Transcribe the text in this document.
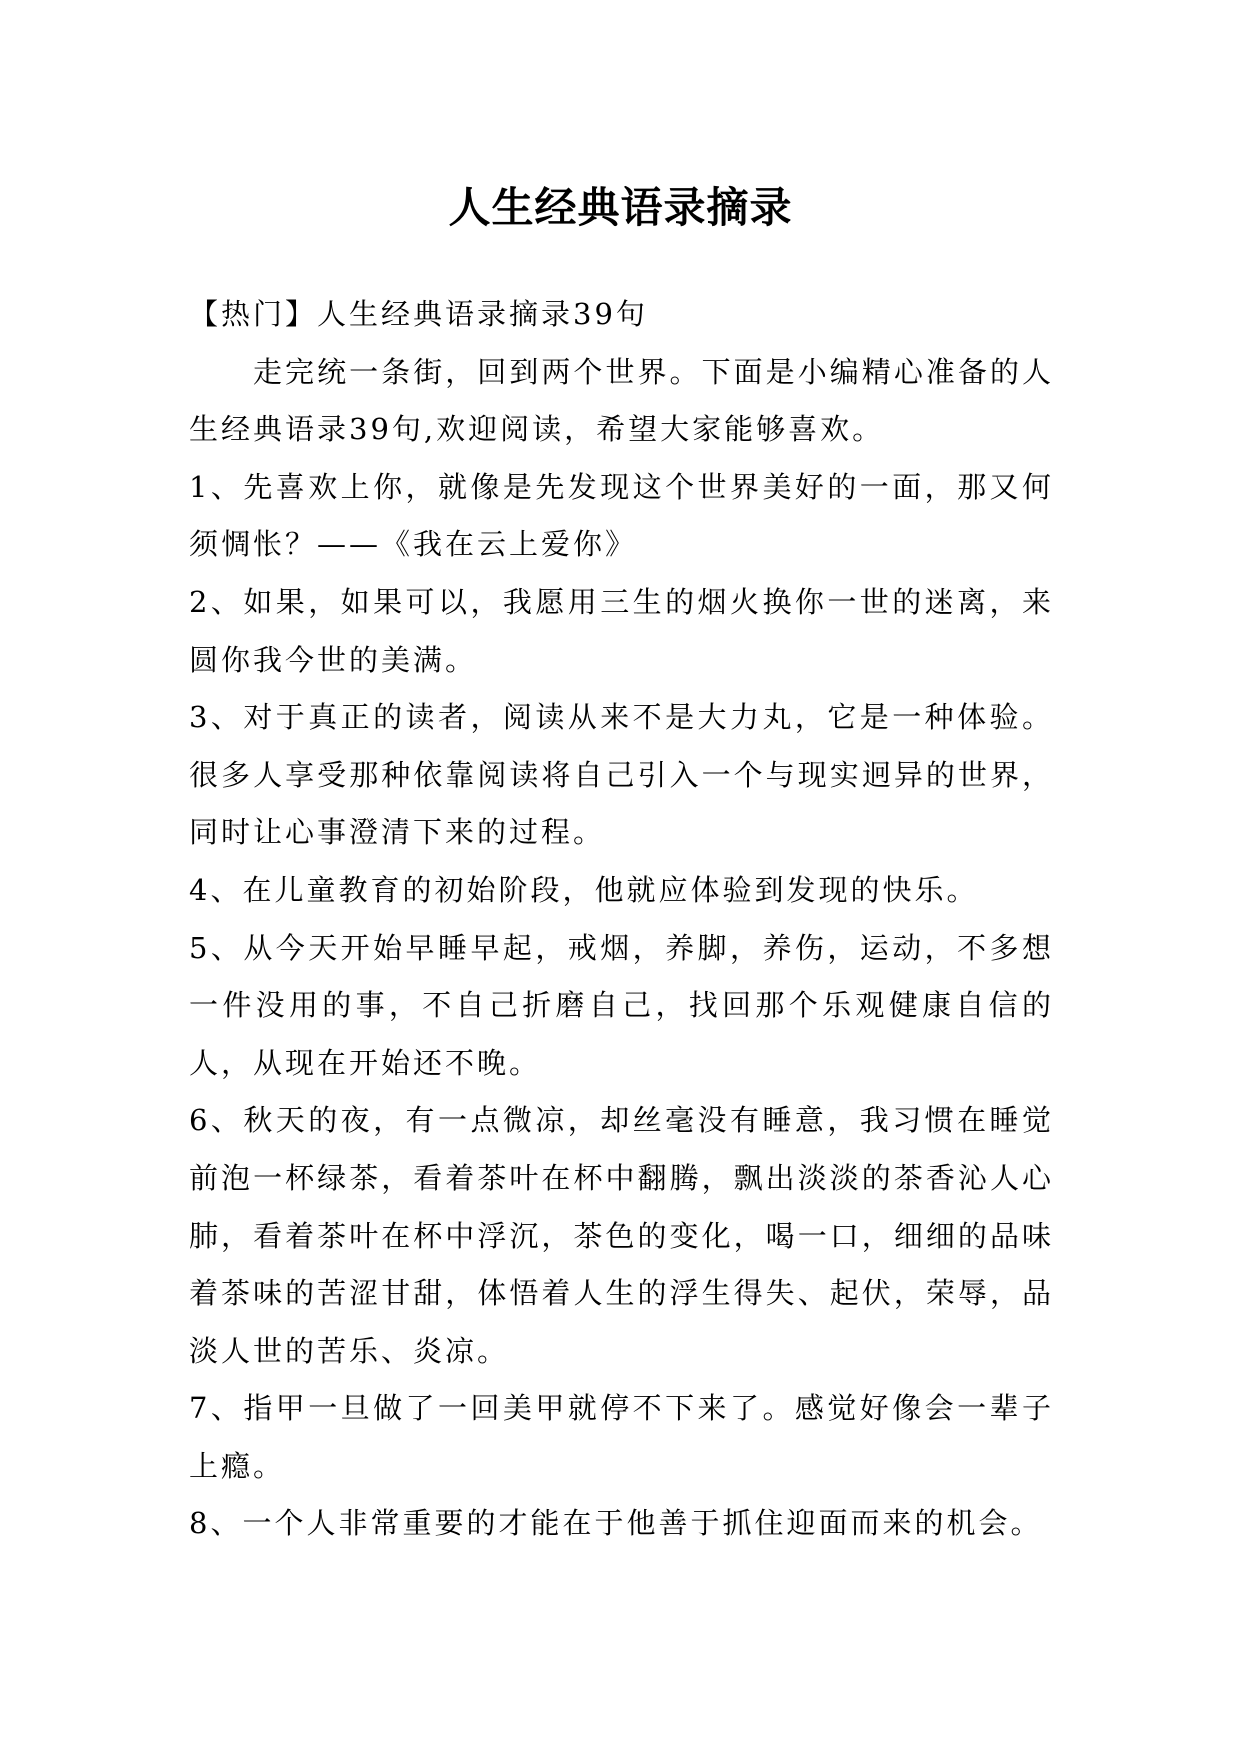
人生经典语录摘录

【热门】人生经典语录摘录39句

走完统一条街，回到两个世界。下面是小编精心准备的人生经典语录39句,欢迎阅读，希望大家能够喜欢。

1、先喜欢上你，就像是先发现这个世界美好的一面，那又何须惆怅？——《我在云上爱你》

2、如果，如果可以，我愿用三生的烟火换你一世的迷离，来圆你我今世的美满。

3、对于真正的读者，阅读从来不是大力丸，它是一种体验。很多人享受那种依靠阅读将自己引入一个与现实迥异的世界，同时让心事澄清下来的过程。

4、在儿童教育的初始阶段，他就应体验到发现的快乐。

5、从今天开始早睡早起，戒烟，养脚，养伤，运动，不多想一件没用的事，不自己折磨自己，找回那个乐观健康自信的人，从现在开始还不晚。

6、秋天的夜，有一点微凉，却丝毫没有睡意，我习惯在睡觉前泡一杯绿茶，看着茶叶在杯中翻腾，飘出淡淡的茶香沁人心肺，看着茶叶在杯中浮沉，茶色的变化，喝一口，细细的品味着茶味的苦涩甘甜，体悟着人生的浮生得失、起伏，荣辱，品淡人世的苦乐、炎凉。

7、指甲一旦做了一回美甲就停不下来了。感觉好像会一辈子上瘾。

8、一个人非常重要的才能在于他善于抓住迎面而来的机会。
